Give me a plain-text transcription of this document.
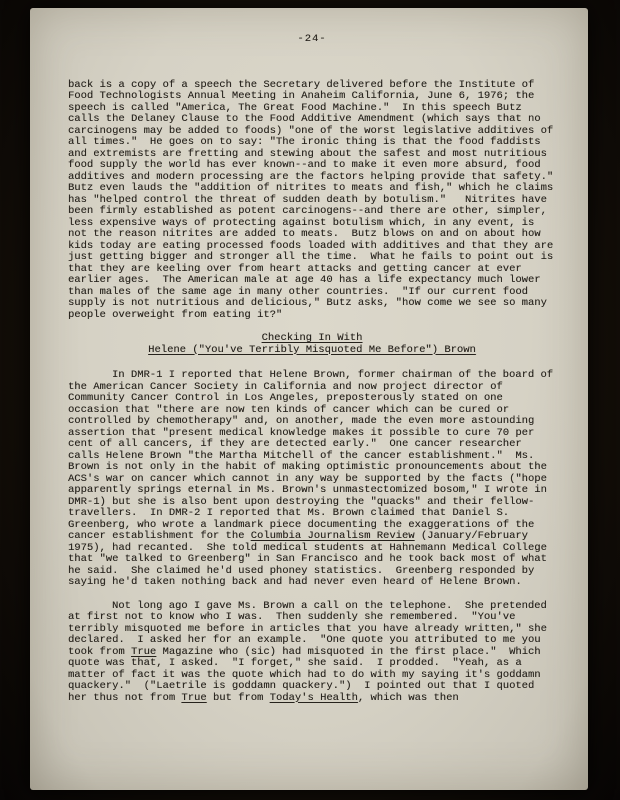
-24-

back is a copy of a speech the Secretary delivered before the Institute of Food Technologists Annual Meeting in Anaheim California, June 6, 1976; the speech is called "America, The Great Food Machine."  In this speech Butz calls the Delaney Clause to the Food Additive Amendment (which says that no carcinogens may be added to foods) "one of the worst legislative additives of all times."  He goes on to say: "The ironic thing is that the food faddists and extremists are fretting and stewing about the safest and most nutritious food supply the world has ever known--and to make it even more absurd, food additives and modern processing are the factors helping provide that safety."  Butz even lauds the "addition of nitrites to meats and fish," which he claims has "helped control the threat of sudden death by botulism."   Nitrites have been firmly established as potent carcinogens--and there are other, simpler, less expensive ways of protecting against botulism which, in any event, is not the reason nitrites are added to meats.  Butz blows on and on about how kids today are eating processed foods loaded with additives and that they are just getting bigger and stronger all the time.  What he fails to point out is that they are keeling over from heart attacks and getting cancer at ever earlier ages.  The American male at age 40 has a life expectancy much lower than males of the same age in many other countries.  "If our current food supply is not nutritious and delicious," Butz asks, "how come we see so many people overweight from eating it?"

Checking In With
Helene ("You've Terribly Misquoted Me Before") Brown

In DMR-1 I reported that Helene Brown, former chairman of the board of the American Cancer Society in California and now project director of Community Cancer Control in Los Angeles, preposterously stated on one occasion that "there are now ten kinds of cancer which can be cured or controlled by chemotherapy" and, on another, made the even more astounding assertion that "present medical knowledge makes it possible to cure 70 per cent of all cancers, if they are detected early."  One cancer researcher calls Helene Brown "the Martha Mitchell of the cancer establishment."  Ms. Brown is not only in the habit of making optimistic pronouncements about the ACS's war on cancer which cannot in any way be supported by the facts ("hope apparently springs eternal in Ms. Brown's unmastectomized bosom," I wrote in DMR-1) but she is also bent upon destroying the "quacks" and their fellow-travellers.  In DMR-2 I reported that Ms. Brown claimed that Daniel S. Greenberg, who wrote a landmark piece documenting the exaggerations of the cancer establishment for the Columbia Journalism Review (January/February 1975), had recanted.  She told medical students at Hahnemann Medical College that "we talked to Greenberg" in San Francisco and he took back most of what he said.  She claimed he'd used phoney statistics.  Greenberg responded by saying he'd taken nothing back and had never even heard of Helene Brown.

Not long ago I gave Ms. Brown a call on the telephone.  She pretended at first not to know who I was.  Then suddenly she remembered.  "You've terribly misquoted me before in articles that you have already written," she declared.  I asked her for an example.  "One quote you attributed to me you took from True Magazine who (sic) had misquoted in the first place."  Which quote was that, I asked.  "I forget," she said.  I prodded.  "Yeah, as a matter of fact it was the quote which had to do with my saying it's goddamn quackery."  ("Laetrile is goddamn quackery.")  I pointed out that I quoted her thus not from True but from Today's Health, which was then
